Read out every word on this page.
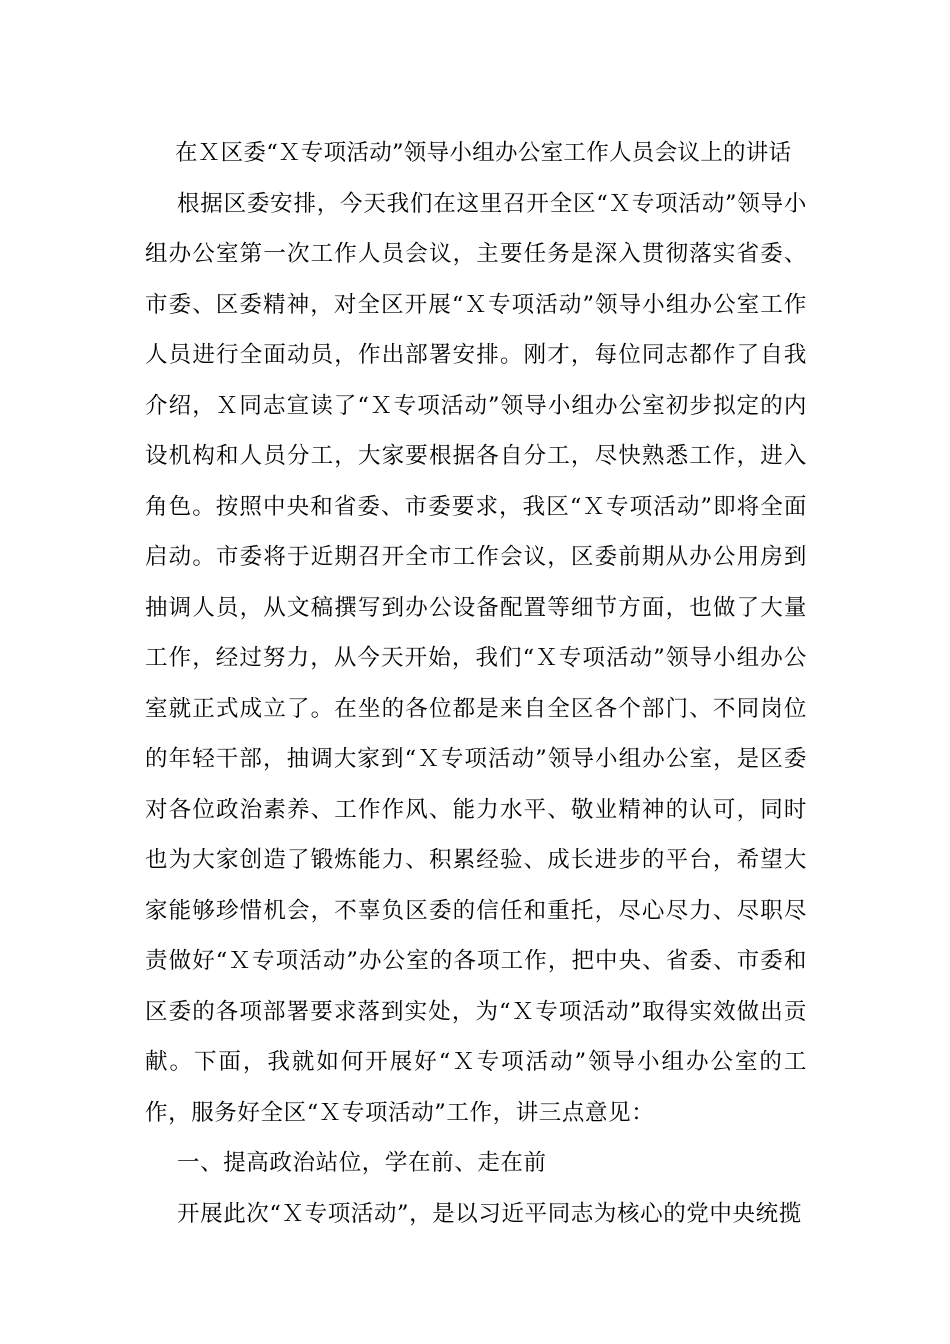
在Ｘ区委“Ｘ专项活动”领导小组办公室工作人员会议上的讲话

根据区委安排，今天我们在这里召开全区“Ｘ专项活动”领导小组办公室第一次工作人员会议，主要任务是深入贯彻落实省委、市委、区委精神，对全区开展“Ｘ专项活动”领导小组办公室工作人员进行全面动员，作出部署安排。刚才，每位同志都作了自我介绍，Ｘ同志宣读了“Ｘ专项活动”领导小组办公室初步拟定的内设机构和人员分工，大家要根据各自分工，尽快熟悉工作，进入角色。按照中央和省委、市委要求，我区“Ｘ专项活动”即将全面启动。市委将于近期召开全市工作会议，区委前期从办公用房到抽调人员，从文稿撰写到办公设备配置等细节方面，也做了大量工作，经过努力，从今天开始，我们“Ｘ专项活动”领导小组办公室就正式成立了。在坐的各位都是来自全区各个部门、不同岗位的年轻干部，抽调大家到“Ｘ专项活动”领导小组办公室，是区委对各位政治素养、工作作风、能力水平、敬业精神的认可，同时也为大家创造了锻炼能力、积累经验、成长进步的平台，希望大家能够珍惜机会，不辜负区委的信任和重托，尽心尽力、尽职尽责做好“Ｘ专项活动”办公室的各项工作，把中央、省委、市委和区委的各项部署要求落到实处，为“Ｘ专项活动”取得实效做出贡献。下面，我就如何开展好“Ｘ专项活动”领导小组办公室的工作，服务好全区“Ｘ专项活动”工作，讲三点意见：

一、提高政治站位，学在前、走在前

开展此次“Ｘ专项活动”，是以习近平同志为核心的党中央统揽
